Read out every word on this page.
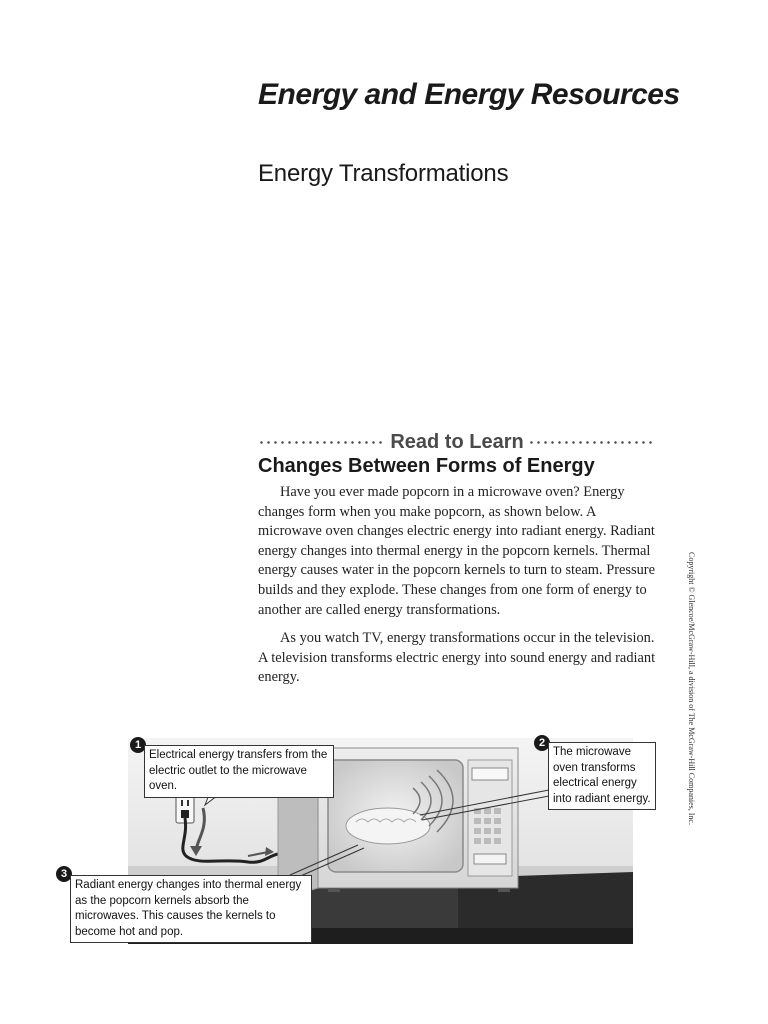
Energy and Energy Resources
Energy Transformations
Read to Learn
Changes Between Forms of Energy

Have you ever made popcorn in a microwave oven? Energy changes form when you make popcorn, as shown below. A microwave oven changes electric energy into radiant energy. Radiant energy changes into thermal energy in the popcorn kernels. Thermal energy causes water in the popcorn kernels to turn to steam. Pressure builds and they explode. These changes from one form of energy to another are called energy transformations.

As you watch TV, energy transformations occur in the television. A television transforms electric energy into sound energy and radiant energy.	Copyright © Glencoe/McGraw-Hill, a division of The McGraw-Hill Companies, Inc.
1
Electrical energy transfers from the electric outlet to the microwave oven.
2
The microwave oven transforms electrical energy into radiant energy.
3
Radiant energy changes into thermal energy as the popcorn kernels absorb the microwaves. This causes the kernels to become hot and pop.
